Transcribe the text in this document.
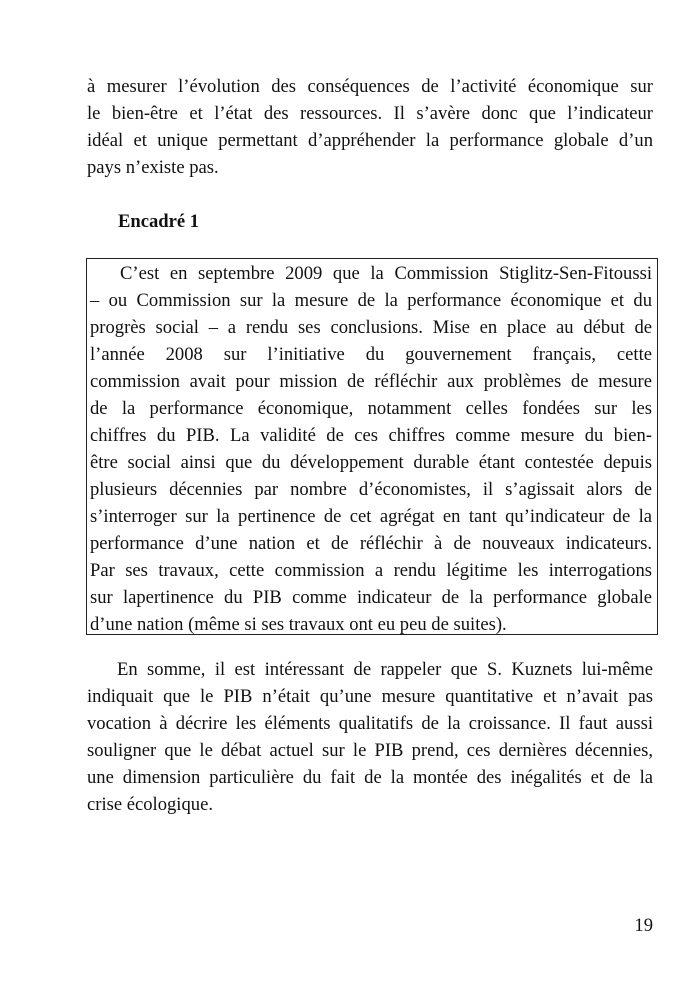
à mesurer l’évolution des conséquences de l’activité économique sur
le bien-être et l’état des ressources. Il s’avère donc que l’indicateur
idéal et unique permettant d’appréhender la performance globale d’un
pays n’existe pas.
Encadré 1
C’est en septembre 2009 que la Commission Stiglitz-Sen-Fitoussi
– ou Commission sur la mesure de la performance économique et du
progrès social – a rendu ses conclusions. Mise en place au début de
l’année 2008 sur l’initiative du gouvernement français, cette
commission avait pour mission de réfléchir aux problèmes de mesure
de la performance économique, notamment celles fondées sur les
chiffres du PIB. La validité de ces chiffres comme mesure du bien-
être social ainsi que du développement durable étant contestée depuis
plusieurs décennies par nombre d’économistes, il s’agissait alors de
s’interroger sur la pertinence de cet agrégat en tant qu’indicateur de la
performance d’une nation et de réfléchir à de nouveaux indicateurs.
Par ses travaux, cette commission a rendu légitime les interrogations
sur lapertinence du PIB comme indicateur de la performance globale
d’une nation (même si ses travaux ont eu peu de suites).
En somme, il est intéressant de rappeler que S. Kuznets lui-même
indiquait que le PIB n’était qu’une mesure quantitative et n’avait pas
vocation à décrire les éléments qualitatifs de la croissance. Il faut aussi
souligner que le débat actuel sur le PIB prend, ces dernières décennies,
une dimension particulière du fait de la montée des inégalités et de la
crise écologique.
19
